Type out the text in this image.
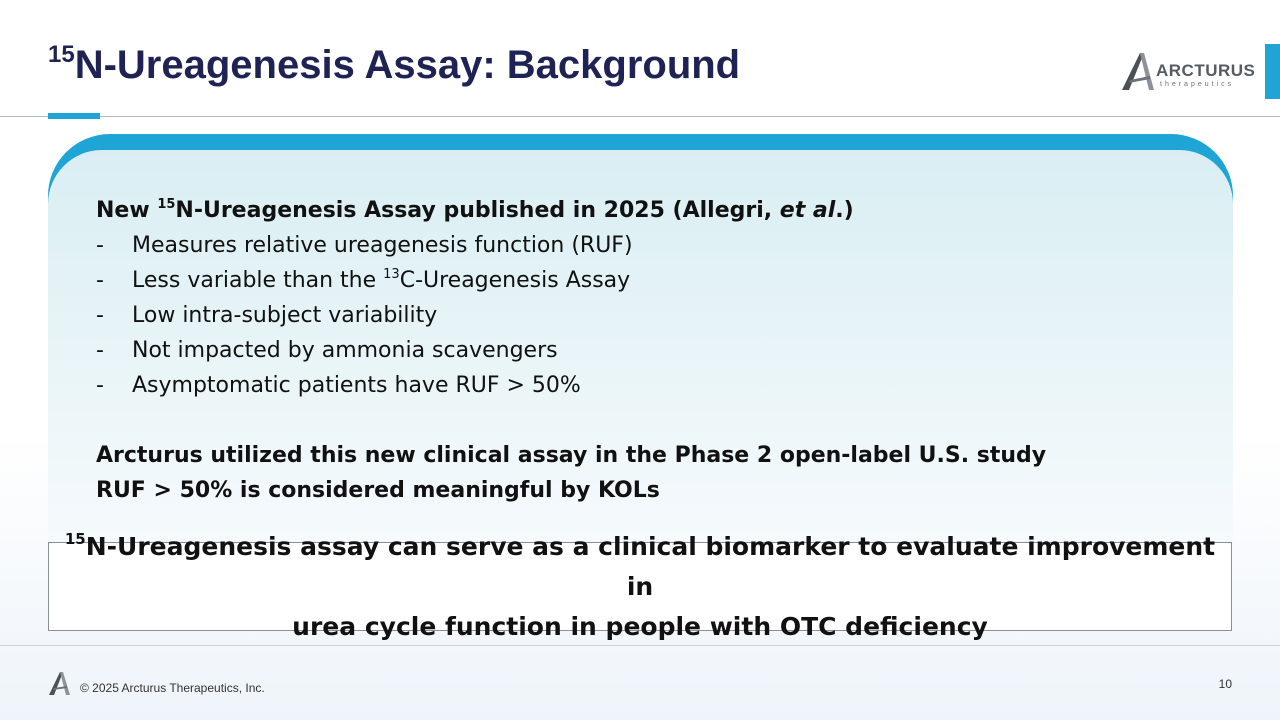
$^{15}$N-Ureagenesis Assay: Background	ARCTURUS
therapeutics
New $^{15}$N-Ureagenesis Assay published in 2025 (Allegri, et al.)
-	Measures relative ureagenesis function (RUF)
-	Less variable than the $^{13}$C-Ureagenesis Assay
-	Low intra-subject variability
-	Not impacted by ammonia scavengers
-	Asymptomatic patients have RUF > 50%
Arcturus utilized this new clinical assay in the Phase 2 open-label U.S. study
RUF > 50% is considered meaningful by KOLs
$^{15}$N-Ureagenesis assay can serve as a clinical biomarker to evaluate improvement in
urea cycle function in people with OTC deficiency
© 2025 Arcturus Therapeutics, Inc.	10
